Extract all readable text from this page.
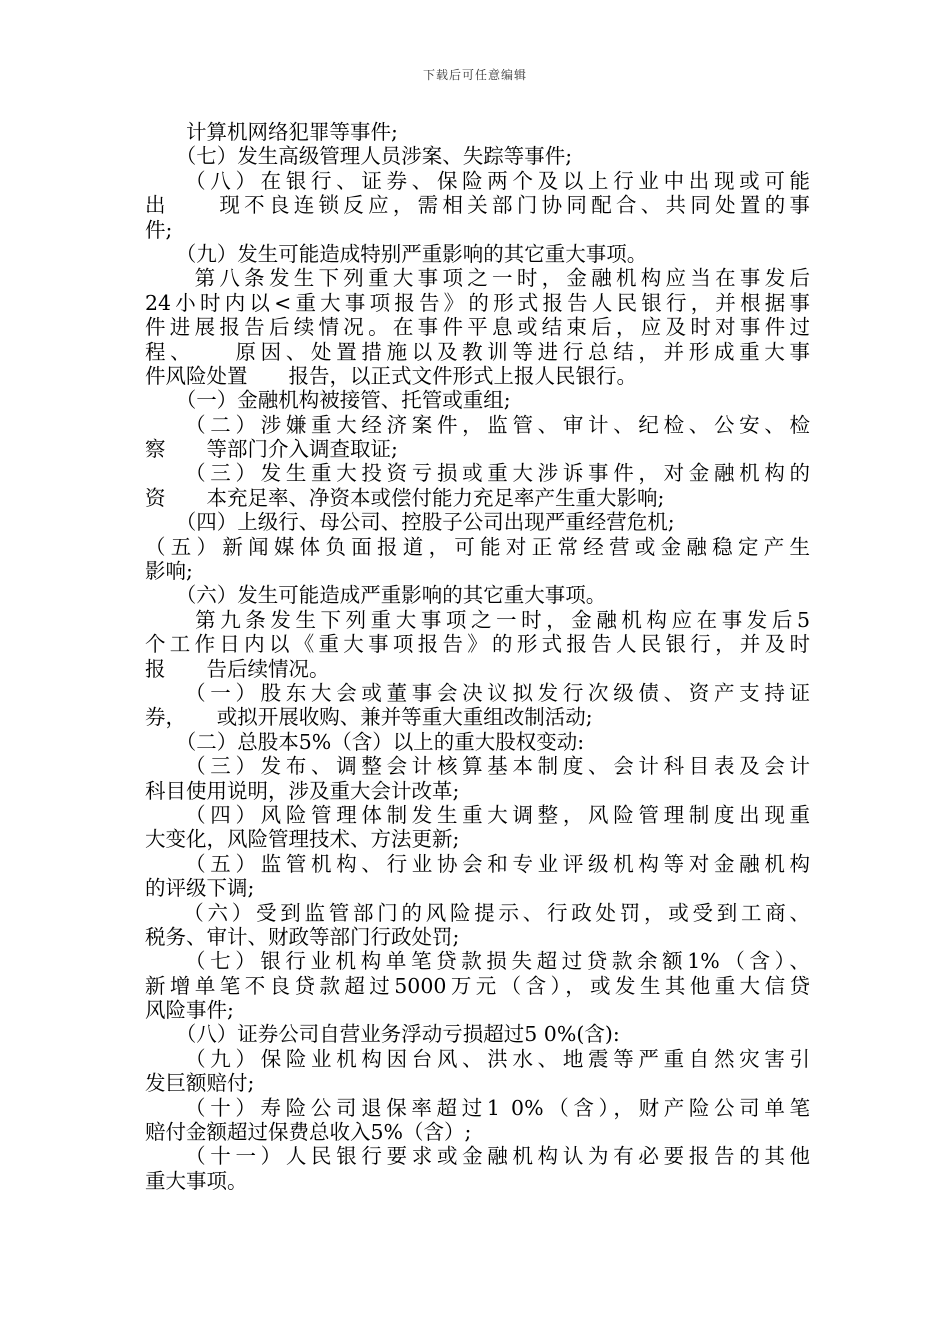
下载后可任意编辑
　　计算机网络犯罪等事件;
　　（七）发生高级管理人员涉案、失踪等事件;
　　（八）在银行、证券、保险两个及以上行业中出现或可能
出　　现不良连锁反应，需相关部门协同配合、共同处置的事
件;
　　（九）发生可能造成特别严重影响的其它重大事项。
　　第八条发生下列重大事项之一时，金融机构应当在事发后
24小时内以<重大事项报告》的形式报告人民银行，并根据事
件进展报告后续情况。在事件平息或结束后，应及时对事件过
程、　　原因、处置措施以及教训等进行总结，并形成重大事
件风险处置　　报告，以正式文件形式上报人民银行。
　　（一）金融机构被接管、托管或重组;
　　（二）涉嫌重大经济案件，监管、审计、纪检、公安、检
察　　等部门介入调查取证;
　　（三）发生重大投资亏损或重大涉诉事件，对金融机构的
资　　本充足率、净资本或偿付能力充足率产生重大影响;
　　（四）上级行、母公司、控股子公司出现严重经营危机;
（五）新闻媒体负面报道，可能对正常经营或金融稳定产生
影响;
　　（六）发生可能造成严重影响的其它重大事项。
　　第九条发生下列重大事项之一时，金融机构应在事发后5
个工作日内以《重大事项报告》的形式报告人民银行，并及时
报　　告后续情况。
　　（一）股东大会或董事会决议拟发行次级债、资产支持证
券，　　或拟开展收购、兼并等重大重组改制活动;
　　（二）总股本5%（含）以上的重大股权变动:
　　（三）发布、调整会计核算基本制度、会计科目表及会计
科目使用说明，涉及重大会计改革;
　　（四）风险管理体制发生重大调整，风险管理制度出现重
大变化，风险管理技术、方法更新;
　　（五）监管机构、行业协会和专业评级机构等对金融机构
的评级下调;
　　（六）受到监管部门的风险提示、行政处罚，或受到工商、
税务、审计、财政等部门行政处罚;
　　（七）银行业机构单笔贷款损失超过贷款余额1%（含）、
新增单笔不良贷款超过5000万元（含），或发生其他重大信贷
风险事件;
　　（八）证券公司自营业务浮动亏损超过5 0%(含):
　　（九）保险业机构因台风、洪水、地震等严重自然灾害引
发巨额赔付;
　　（十）寿险公司退保率超过1 0%（含），财产险公司单笔
赔付金额超过保费总收入5%（含）;
　　（十一）人民银行要求或金融机构认为有必要报告的其他
重大事项。
